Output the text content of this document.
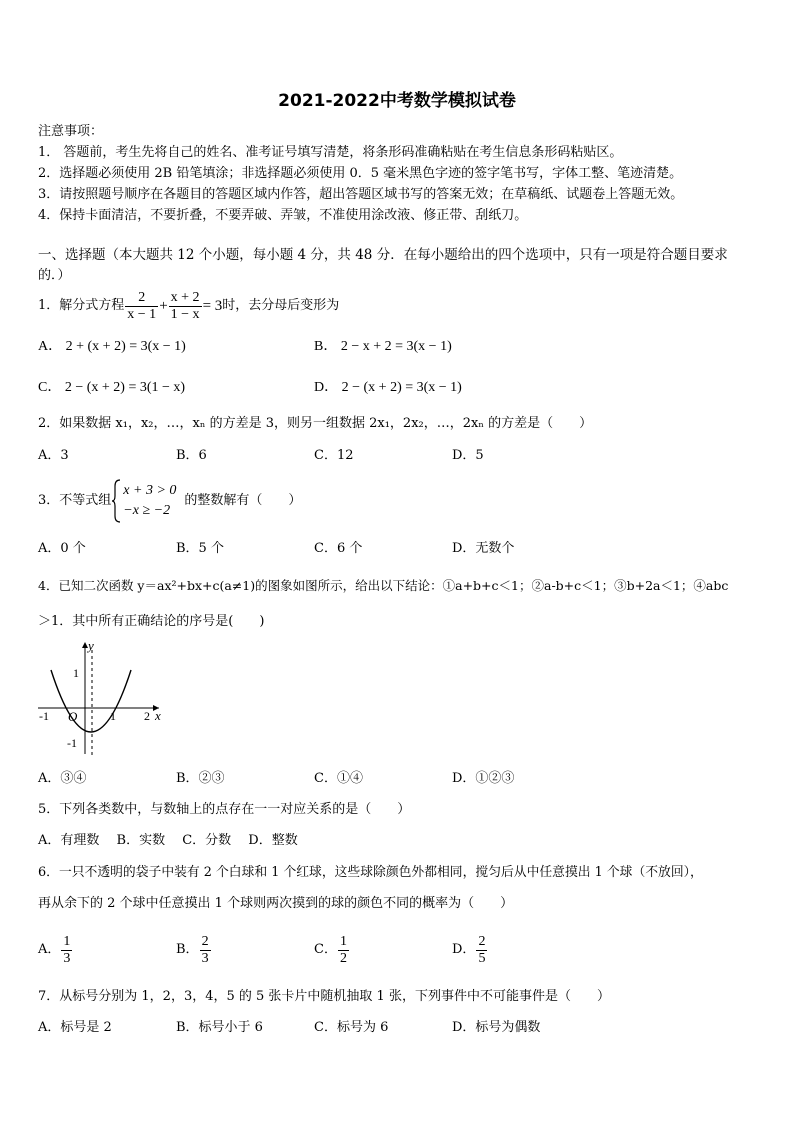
2021-2022中考数学模拟试卷
注意事项：
1． 答题前，考生先将自己的姓名、准考证号填写清楚，将条形码准确粘贴在考生信息条形码粘贴区。
2．选择题必须使用 2B 铅笔填涂；非选择题必须使用 0．5 毫米黑色字迹的签字笔书写，字体工整、笔迹清楚。
3．请按照题号顺序在各题目的答题区域内作答，超出答题区域书写的答案无效；在草稿纸、试题卷上答题无效。
4．保持卡面清洁，不要折叠，不要弄破、弄皱，不准使用涂改液、修正带、刮纸刀。
一、选择题（本大题共 12 个小题，每小题 4 分，共 48 分．在每小题给出的四个选项中，只有一项是符合题目要求
的．）
1．解分式方程 $\frac{2}{x - 1} + \frac{x + 2}{1 - x} = 3$ 时，去分母后变形为
A． 2 + (x + 2) = 3(x − 1)	B． 2 − x + 2 = 3(x − 1)
C． 2 − (x + 2) = 3(1 − x)	D． 2 − (x + 2) = 3(x − 1)
2．如果数据 x₁，x₂，…，xₙ 的方差是 3，则另一组数据 2x₁，2x₂，…，2xₙ 的方差是（　　）
A．3	B．6	C．12	D．5
3．不等式组
x + 3 > 0
−x ≥ −2
的整数解有（　　）
A．0 个	B．5 个	C．6 个	D．无数个
4．已知二次函数 y＝ax²+bx+c(a≠1)的图象如图所示，给出以下结论：①a+b+c＜1；②a-b+c＜1；③b+2a＜1；④abc
＞1．其中所有正确结论的序号是(　　)
y
x
O
1
-1
-1	1 2
A．③④	B．②③	C．①④	D．①②③
5．下列各类数中，与数轴上的点存在一一对应关系的是（　　）
A．有理数　 B．实数　 C．分数　 D．整数
6．一只不透明的袋子中装有 2 个白球和 1 个红球，这些球除颜色外都相同，搅匀后从中任意摸出 1 个球（不放回），
再从余下的 2 个球中任意摸出 1 个球则两次摸到的球的颜色不同的概率为（　　）
A． $\frac{1}{3}$	B． $\frac{2}{3}$	C． $\frac{1}{2}$	D． $\frac{2}{5}$
7．从标号分别为 1，2，3，4，5 的 5 张卡片中随机抽取 1 张，下列事件中不可能事件是（　　）
A．标号是 2	B．标号小于 6	C．标号为 6	D．标号为偶数
